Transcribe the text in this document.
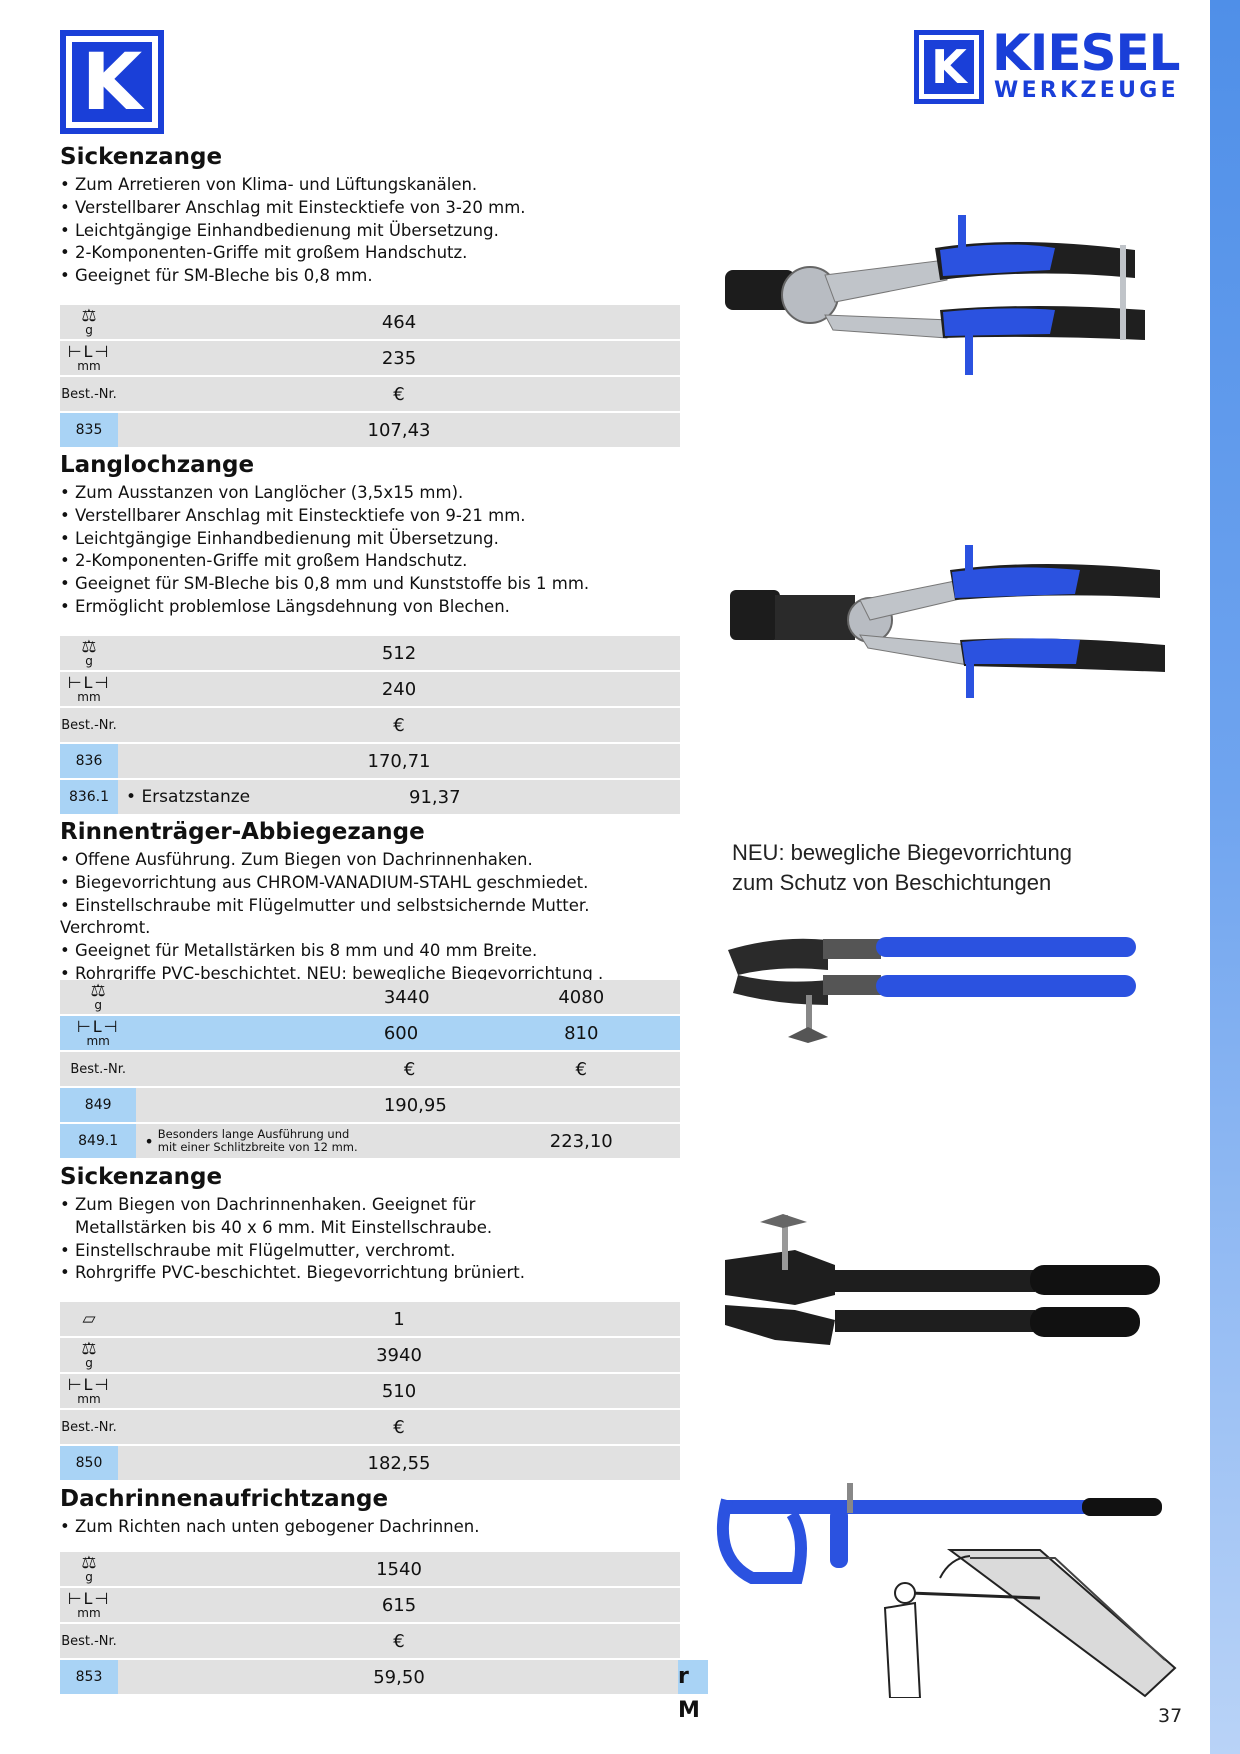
K	K KIESEL
WERKZEUGE
Sickenzange
• Zum Arretieren von Klima- und Lüftungskanälen.
• Verstellbarer Anschlag mit Einstecktiefe von 3-20 mm.
• Leichtgängige Einhandbedienung mit Übersetzung.
• 2-Komponenten-Griffe mit großem Handschutz.
• Geeignet für SM-Bleche bis 0,8 mm.
⚖
g	464

⊢L⊣
mm	235
Best.-Nr.	€
835	107,43
Langlochzange
• Zum Ausstanzen von Langlöcher (3,5x15 mm).
• Verstellbarer Anschlag mit Einstecktiefe von 9-21 mm.
• Leichtgängige Einhandbedienung mit Übersetzung.
• 2-Komponenten-Griffe mit großem Handschutz.
• Geeignet für SM-Bleche bis 0,8 mm und Kunststoffe bis 1 mm.
• Ermöglicht problemlose Längsdehnung von Blechen.
⚖
g	512	

⊢L⊣
mm	240	
Best.-Nr.	€	
836	170,71	
836.1	• Ersatzstanze	91,37
Rinnenträger-Abbiegezange
• Offene Ausführung. Zum Biegen von Dachrinnenhaken.
• Biegevorrichtung aus CHROM-VANADIUM-STAHL geschmiedet.
• Einstellschraube mit Flügelmutter und selbstsichernde Mutter. Verchromt.
• Geeignet für Metallstärken bis 8 mm und 40 mm Breite.
• Rohrgriffe PVC-beschichtet. NEU: bewegliche Biegevorrichtung .
⚖
g		3440	4080

⊢L⊣
mm		600	810
Best.-Nr.		€	€
849		190,95	
849.1	• Besonders lange Ausführung und
mit einer Schlitzbreite von 12 mm.		223,10
NEU: bewegliche Biegevorrichtung
zum Schutz von Beschichtungen
Sickenzange
• Zum Biegen von Dachrinnenhaken. Geeignet für
Metallstärken bis 40 x 6 mm. Mit Einstellschraube.
• Einstellschraube mit Flügelmutter, verchromt.
• Rohrgriffe PVC-beschichtet. Biegevorrichtung brüniert.
▱	1
⚖
g	3940

⊢L⊣
mm	510
Best.-Nr.	€
850	182,55
Dachrinnenaufrichtzange
• Zum Richten nach unten gebogener Dachrinnen.
⚖
g	1540

⊢L⊣
mm	615
Best.-Nr.	€
853	59,50	r M	37
